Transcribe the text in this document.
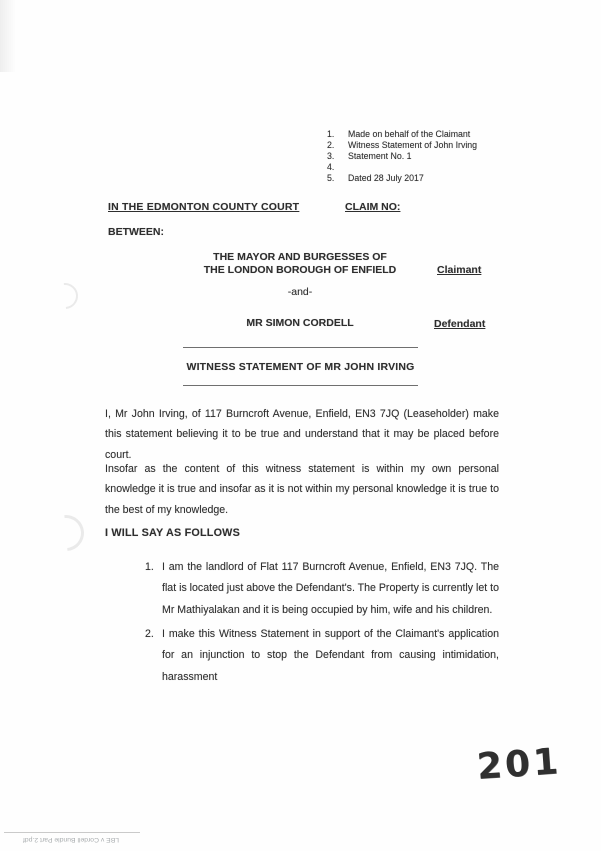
1.	Made on behalf of the Claimant
2.	Witness Statement of John Irving
3.	Statement No. 1
4.
5.	Dated 28 July 2017
IN THE EDMONTON COUNTY COURT	CLAIM NO:
BETWEEN:
THE MAYOR AND BURGESSES OF
THE LONDON BOROUGH OF ENFIELD	Claimant
-and-
MR SIMON CORDELL	Defendant
WITNESS STATEMENT OF MR JOHN IRVING
I, Mr John Irving, of 117 Burncroft Avenue, Enfield, EN3 7JQ (Leaseholder) make this statement believing it to be true and understand that it may be placed before court.
Insofar as the content of this witness statement is within my own personal knowledge it is true and insofar as it is not within my personal knowledge it is true to the best of my knowledge.
I WILL SAY AS FOLLOWS
1. I am the landlord of Flat 117 Burncroft Avenue, Enfield, EN3 7JQ. The flat is located just above the Defendant's. The Property is currently let to Mr Mathiyalakan and it is being occupied by him, wife and his children.
2. I make this Witness Statement in support of the Claimant's application for an injunction to stop the Defendant from causing intimidation, harassment
201
LBE v Cordell Bundle Part 2.pdf
